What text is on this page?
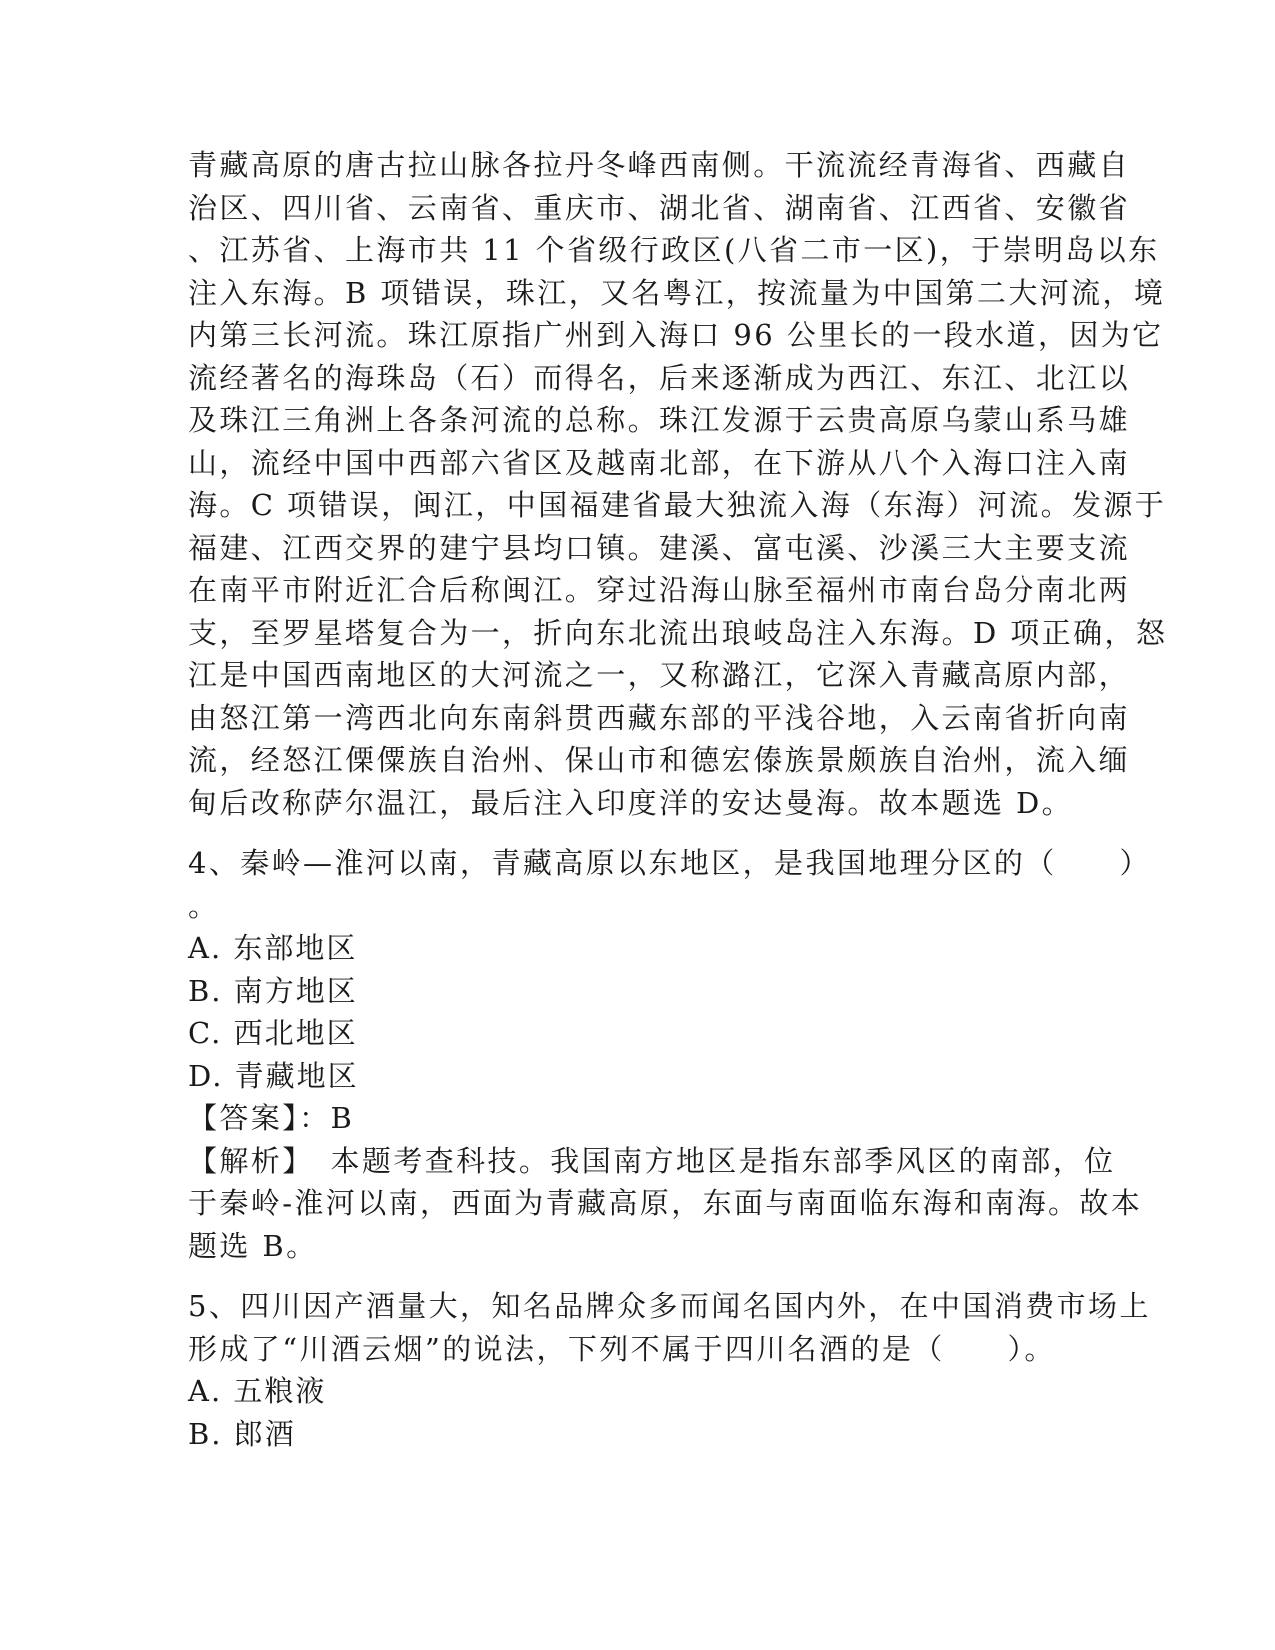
青藏高原的唐古拉山脉各拉丹冬峰西南侧。干流流经青海省、西藏自
治区、四川省、云南省、重庆市、湖北省、湖南省、江西省、安徽省
、江苏省、上海市共 11 个省级行政区(八省二市一区)，于崇明岛以东
注入东海。B 项错误，珠江，又名粤江，按流量为中国第二大河流，境
内第三长河流。珠江原指广州到入海口 96 公里长的一段水道，因为它
流经著名的海珠岛（石）而得名，后来逐渐成为西江、东江、北江以
及珠江三角洲上各条河流的总称。珠江发源于云贵高原乌蒙山系马雄
山，流经中国中西部六省区及越南北部，在下游从八个入海口注入南
海。C 项错误，闽江，中国福建省最大独流入海（东海）河流。发源于
福建、江西交界的建宁县均口镇。建溪、富屯溪、沙溪三大主要支流
在南平市附近汇合后称闽江。穿过沿海山脉至福州市南台岛分南北两
支，至罗星塔复合为一，折向东北流出琅岐岛注入东海。D 项正确，怒
江是中国西南地区的大河流之一，又称潞江，它深入青藏高原内部，
由怒江第一湾西北向东南斜贯西藏东部的平浅谷地，入云南省折向南
流，经怒江傈僳族自治州、保山市和德宏傣族景颇族自治州，流入缅
甸后改称萨尔温江，最后注入印度洋的安达曼海。故本题选 D。
4、秦岭—淮河以南，青藏高原以东地区，是我国地理分区的（　　）
。
A. 东部地区
B. 南方地区
C. 西北地区
D. 青藏地区
【答案】：B
【解析】　本题考查科技。我国南方地区是指东部季风区的南部，位
于秦岭-淮河以南，西面为青藏高原，东面与南面临东海和南海。故本
题选 B。
5、四川因产酒量大，知名品牌众多而闻名国内外，在中国消费市场上
形成了“川酒云烟”的说法，下列不属于四川名酒的是（　　）。
A. 五粮液
B. 郎酒
